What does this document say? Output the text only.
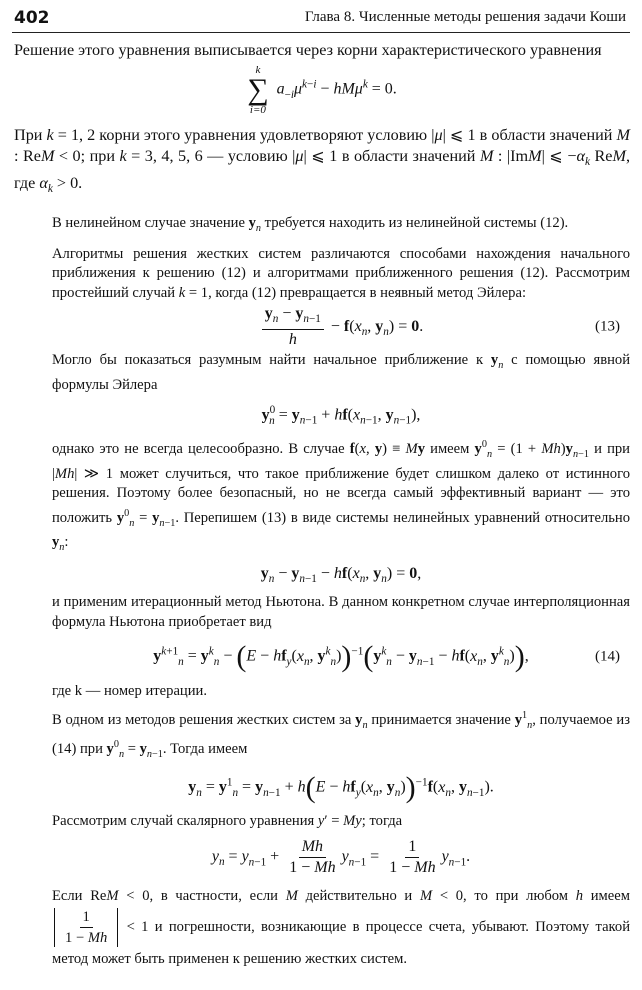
402	Глава 8. Численные методы решения задачи Коши

Решение этого уравнения выписывается через корни характеристического уравнения

k
∑
i=0
$a_{-i}\mu^{k-i} - hM\mu^k = 0$.

При k = 1, 2 корни этого уравнения удовлетворяют условию |μ| ⩽ 1 в области значений M : ReM < 0; при k = 3, 4, 5, 6 — условию |μ| ⩽ 1 в области значений M : |ImM| ⩽ $-\alpha_k$ ReM, где $\alpha_k > 0$.

В нелинейном случае значение $y_n$ требуется находить из нелинейной системы (12).

Алгоритмы решения жестких систем различаются способами нахождения начального приближения к решению (12) и алгоритмами приближенного решения (12). Рассмотрим простейший случай k = 1, когда (12) превращается в неявный метод Эйлера:

$\frac{y_n - y_{n-1}}{h} - f(x_n$, $y_n) = 0$.	(13)

Могло бы показаться разумным найти начальное приближение к $y_n$ с помощью явной формулы Эйлера

$y^0_n = y_{n-1} + hf(x_{n-1}$, $y_{n-1}$),

однако это не всегда целесообразно. В случае f(x, y) ≡ My имеем $y^0_n = (1 + Mh)y_{n-1}$ и при |Mh| ≫ 1 может случиться, что такое приближение будет слишком далеко от истинного решения. Поэтому более безопасный, но не всегда самый эффективный вариант — это положить $y^0_n = y_{n-1}$. Перепишем (13) в виде системы нелинейных уравнений относительно $y_n$:

$y_n - y_{n-1} - hf(x_n$, $y_n) = 0$,

и применим итерационный метод Ньютона. В данном конкретном случае интерполяционная формула Ньютона приобретает вид

$y^{k+1}_n = y^k_n - (E - hf_y(x_n$, $y^k_n))^{-1}(y^k_n - y_{n-1} - hf(x_n$, $y^k_n$)),	(14)

где k — номер итерации.

В одном из методов решения жестких систем за $y_n$ принимается значение $y^1_n$, получаемое из (14) при $y^0_n = y_{n-1}$. Тогда имеем

$y_n = y^1_n = y_{n-1} + h(E - hf_y(x_n$, $y_n))^{-1}f(x_n$, $y_{n-1}$).

Рассмотрим случай скалярного уравнения y′ = My; тогда

$y_n = y_{n-1} + \frac{Mh}{1 - Mh} y_{n-1} = \frac{1}{1 - Mh} y_{n-1}$.

Если ReM < 0, в частности, если M действительно и M < 0, то при любом h имеем
$\frac{1}{1 - Mh} < 1$ и погрешности, возникающие в процессе счета, убывают. Поэтому такой метод может быть применен к решению жестких систем.
